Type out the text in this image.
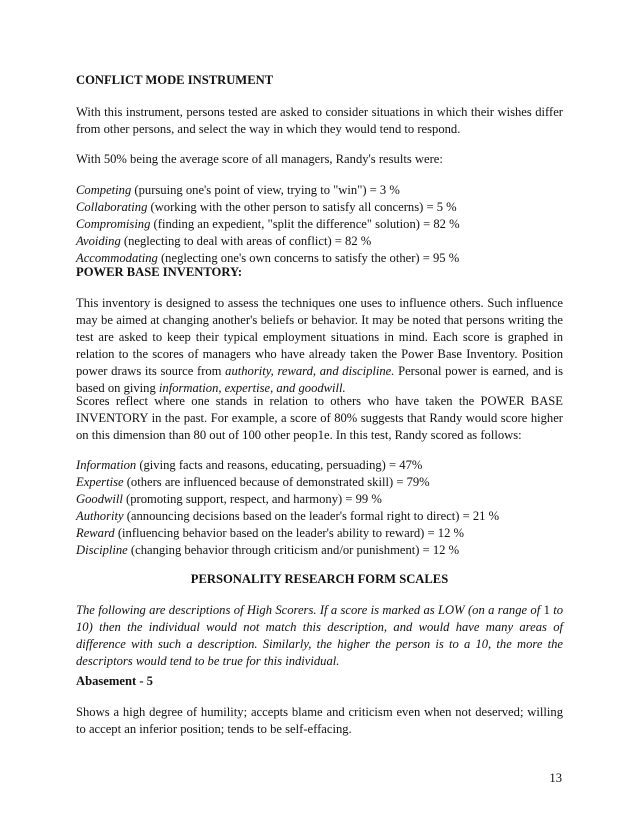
CONFLICT MODE INSTRUMENT

With this instrument, persons tested are asked to consider situations in which their wishes differ from other persons, and select the way in which they would tend to respond.

With 50% being the average score of all managers, Randy's results were:

Competing (pursuing one's point of view, trying to "win") = 3 %
Collaborating (working with the other person to satisfy all concerns) = 5 %
Compromising (finding an expedient, "split the difference" solution) = 82 %
Avoiding (neglecting to deal with areas of conflict) = 82 %
Accommodating (neglecting one's own concerns to satisfy the other) = 95 %

POWER BASE INVENTORY:

This inventory is designed to assess the techniques one uses to influence others. Such influence may be aimed at changing another's beliefs or behavior. It may be noted that persons writing the test are asked to keep their typical employment situations in mind. Each score is graphed in relation to the scores of managers who have already taken the Power Base Inventory. Position power draws its source from authority, reward, and discipline. Personal power is earned, and is based on giving information, expertise, and goodwill.

Scores reflect where one stands in relation to others who have taken the POWER BASE INVENTORY in the past. For example, a score of 80% suggests that Randy would score higher on this dimension than 80 out of 100 other peop1e. In this test, Randy scored as follows:

Information (giving facts and reasons, educating, persuading) = 47%
Expertise (others are influenced because of demonstrated skill) = 79%
Goodwill (promoting support, respect, and harmony) = 99 %
Authority (announcing decisions based on the leader's formal right to direct) = 21 %
Reward (influencing behavior based on the leader's ability to reward) = 12 %
Discipline (changing behavior through criticism and/or punishment) = 12 %

PERSONALITY RESEARCH FORM SCALES

The following are descriptions of High Scorers. If a score is marked as LOW (on a range of 1 to 10) then the individual would not match this description, and would have many areas of difference with such a description. Similarly, the higher the person is to a 10, the more the descriptors would tend to be true for this individual.

Abasement - 5

Shows a high degree of humility; accepts blame and criticism even when not deserved; willing to accept an inferior position; tends to be self-effacing.

13
